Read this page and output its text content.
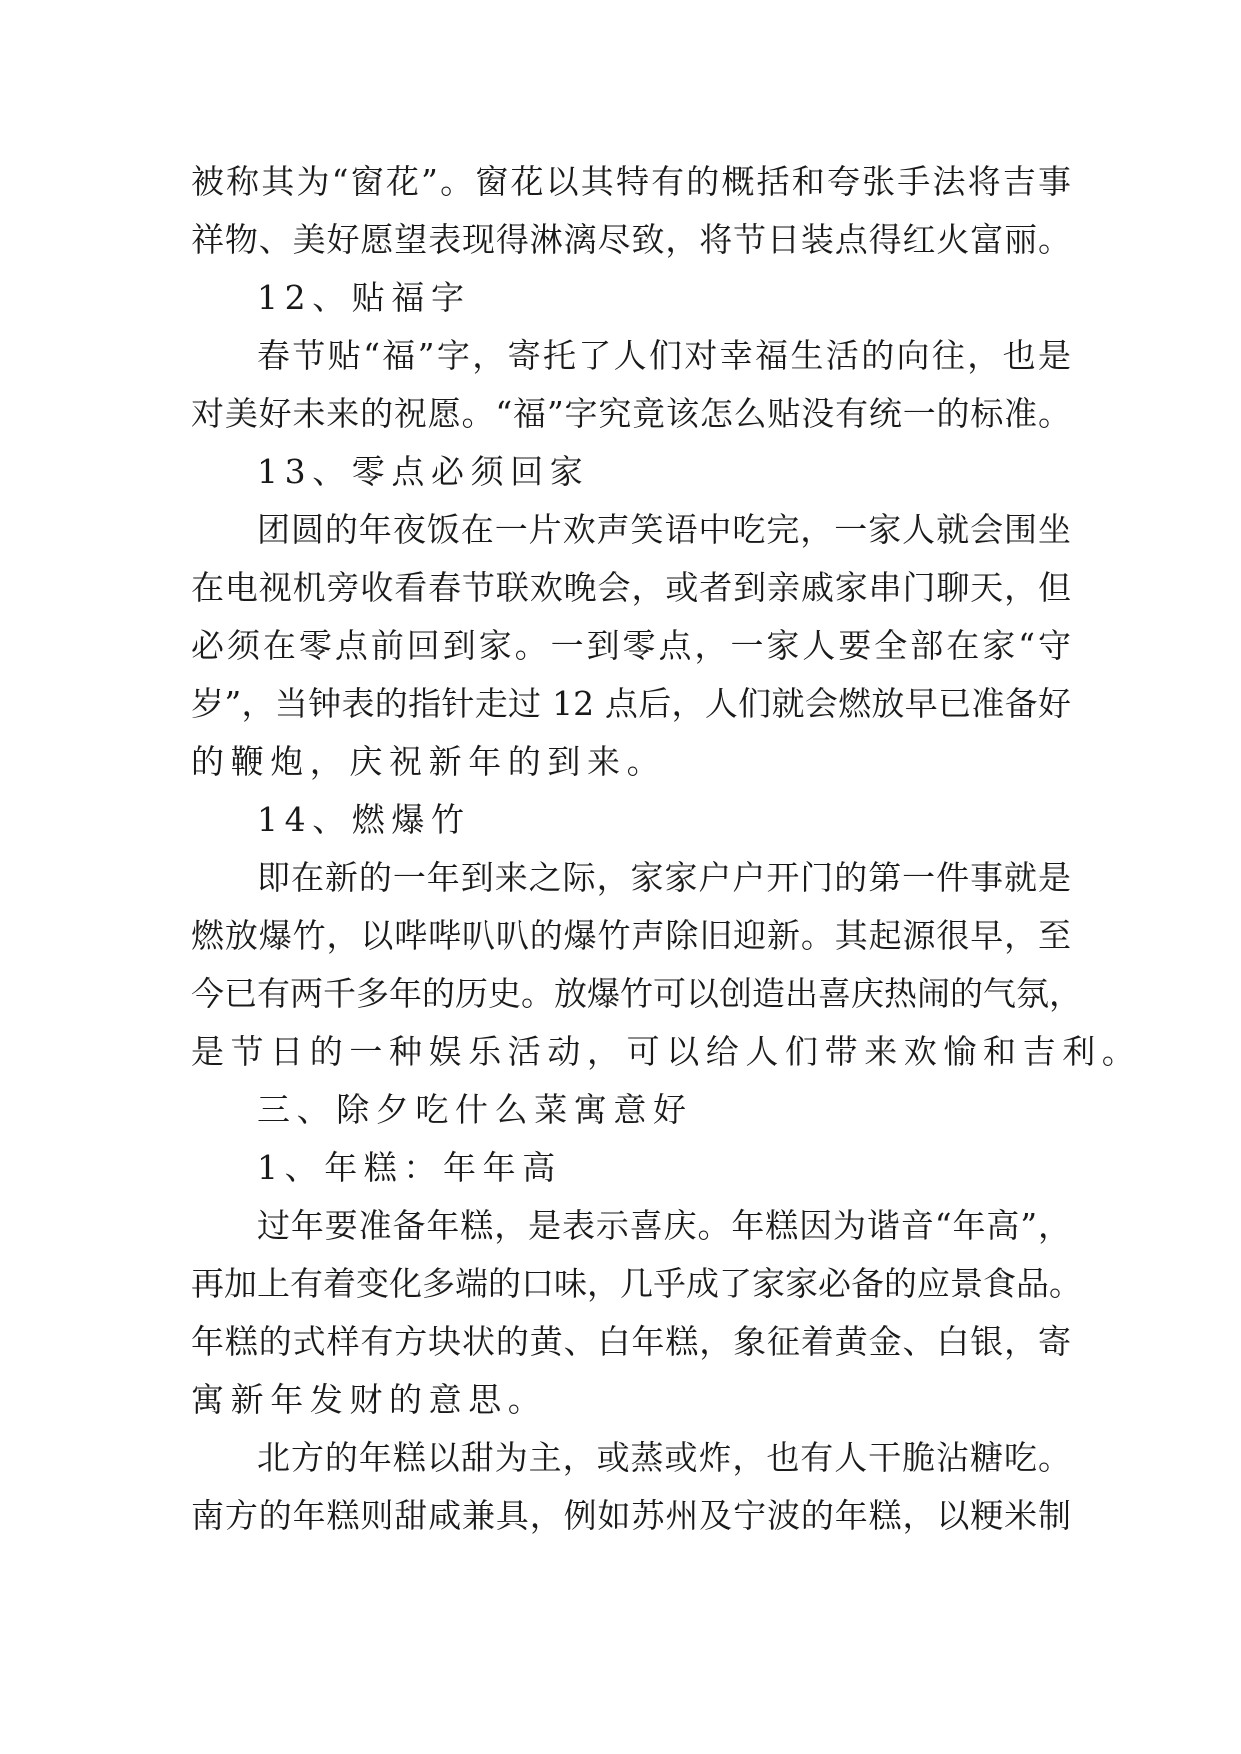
被称其为“窗花”。窗花以其特有的概括和夸张手法将吉事
祥物、美好愿望表现得淋漓尽致，将节日装点得红火富丽。
12、贴福字
春节贴“福”字，寄托了人们对幸福生活的向往，也是
对美好未来的祝愿。“福”字究竟该怎么贴没有统一的标准。
13、零点必须回家
团圆的年夜饭在一片欢声笑语中吃完，一家人就会围坐
在电视机旁收看春节联欢晚会，或者到亲戚家串门聊天，但
必须在零点前回到家。一到零点，一家人要全部在家“守
岁”，当钟表的指针走过 12 点后，人们就会燃放早已准备好
的鞭炮，庆祝新年的到来。
14、燃爆竹
即在新的一年到来之际，家家户户开门的第一件事就是
燃放爆竹，以哔哔叭叭的爆竹声除旧迎新。其起源很早，至
今已有两千多年的历史。放爆竹可以创造出喜庆热闹的气氛，
是节日的一种娱乐活动，可以给人们带来欢愉和吉利。
三、除夕吃什么菜寓意好
1、年糕：年年高
过年要准备年糕，是表示喜庆。年糕因为谐音“年高”，
再加上有着变化多端的口味，几乎成了家家必备的应景食品。
年糕的式样有方块状的黄、白年糕，象征着黄金、白银，寄
寓新年发财的意思。
北方的年糕以甜为主，或蒸或炸，也有人干脆沾糖吃。
南方的年糕则甜咸兼具，例如苏州及宁波的年糕，以粳米制
